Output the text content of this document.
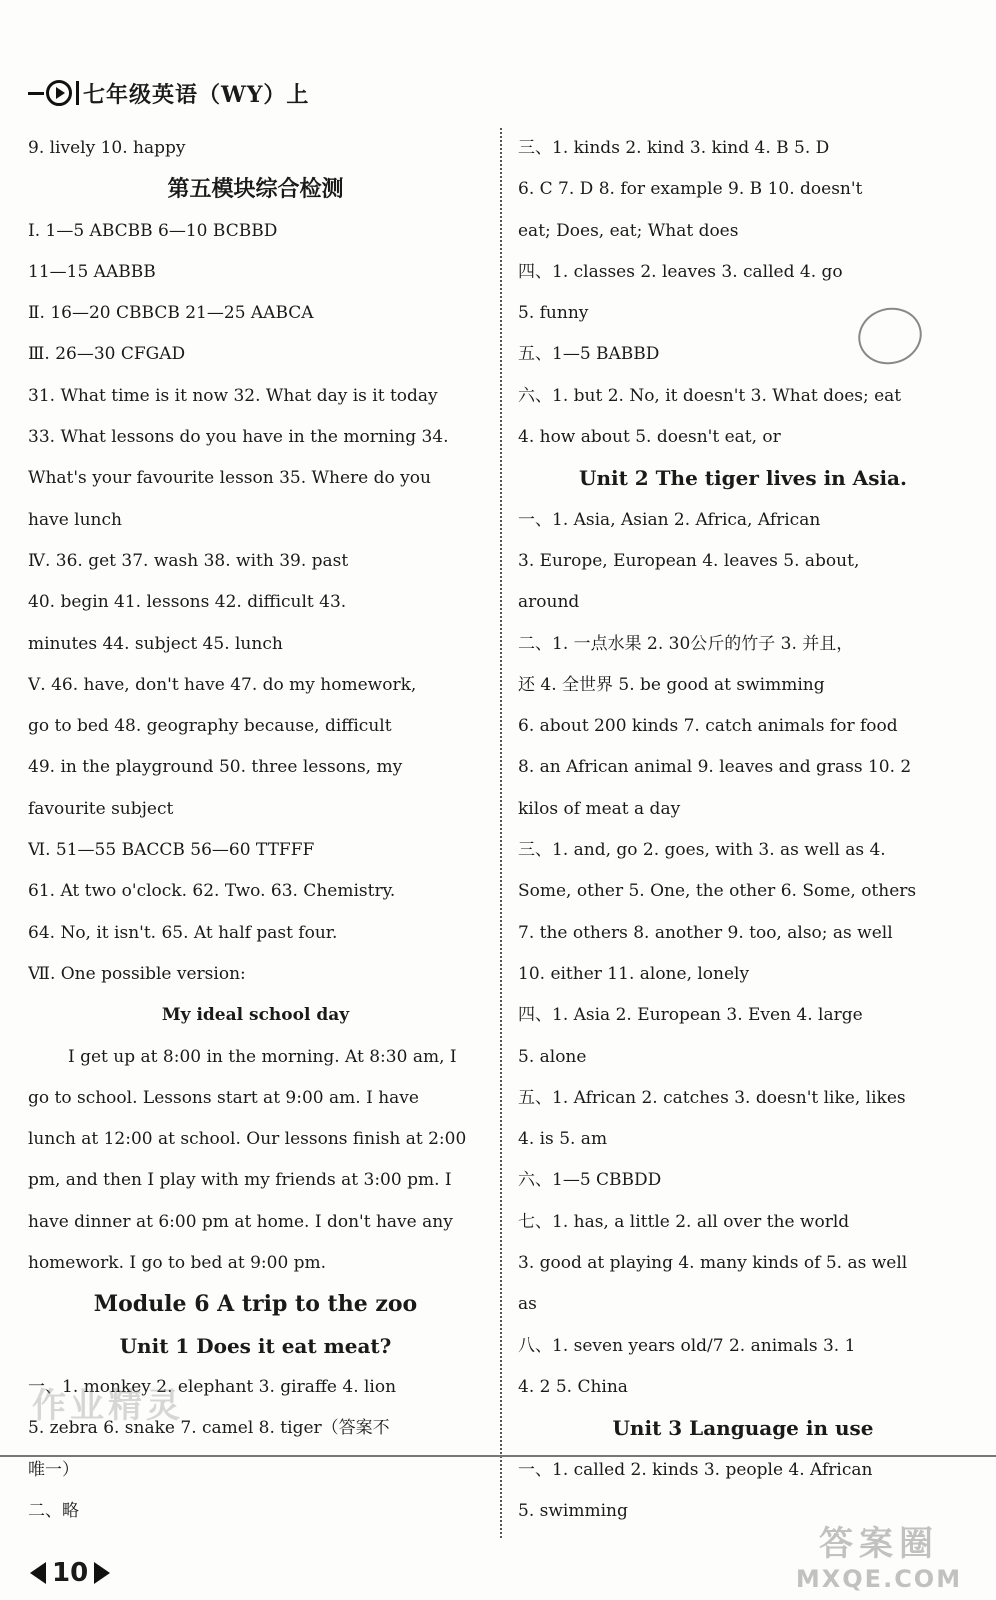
七年级英语（WY）上
9. lively 10. happy
第五模块综合检测
Ⅰ. 1—5 ABCBB 6—10 BCBBD
11—15 AABBB
Ⅱ. 16—20 CBBCB 21—25 AABCA
Ⅲ. 26—30 CFGAD
31. What time is it now 32. What day is it today
33. What lessons do you have in the morning 34.
What's your favourite lesson 35. Where do you
have lunch
Ⅳ. 36. get 37. wash 38. with 39. past
40. begin 41. lessons 42. difficult 43.
minutes 44. subject 45. lunch
Ⅴ. 46. have, don't have 47. do my homework,
go to bed 48. geography because, difficult
49. in the playground 50. three lessons, my
favourite subject
Ⅵ. 51—55 BACCB 56—60 TTFFF
61. At two o'clock. 62. Two. 63. Chemistry.
64. No, it isn't. 65. At half past four.
Ⅶ. One possible version:
My ideal school day
I get up at 8:00 in the morning. At 8:30 am, I
go to school. Lessons start at 9:00 am. I have
lunch at 12:00 at school. Our lessons finish at 2:00
pm, and then I play with my friends at 3:00 pm. I
have dinner at 6:00 pm at home. I don't have any
homework. I go to bed at 9:00 pm.
Module 6 A trip to the zoo
Unit 1 Does it eat meat?
一、1. monkey 2. elephant 3. giraffe 4. lion
5. zebra 6. snake 7. camel 8. tiger（答案不
唯一）
二、略
三、1. kinds 2. kind 3. kind 4. B 5. D
6. C 7. D 8. for example 9. B 10. doesn't
eat; Does, eat; What does
四、1. classes 2. leaves 3. called 4. go
5. funny
五、1—5 BABBD
六、1. but 2. No, it doesn't 3. What does; eat
4. how about 5. doesn't eat, or
Unit 2 The tiger lives in Asia.
一、1. Asia, Asian 2. Africa, African
3. Europe, European 4. leaves 5. about,
around
二、1. 一点水果 2. 30公斤的竹子 3. 并且，
还 4. 全世界 5. be good at swimming
6. about 200 kinds 7. catch animals for food
8. an African animal 9. leaves and grass 10. 2
kilos of meat a day
三、1. and, go 2. goes, with 3. as well as 4.
Some, other 5. One, the other 6. Some, others
7. the others 8. another 9. too, also; as well
10. either 11. alone, lonely
四、1. Asia 2. European 3. Even 4. large
5. alone
五、1. African 2. catches 3. doesn't like, likes
4. is 5. am
六、1—5 CBBDD
七、1. has, a little 2. all over the world
3. good at playing 4. many kinds of 5. as well
as
八、1. seven years old/7 2. animals 3. 1
4. 2 5. China
Unit 3 Language in use
一、1. called 2. kinds 3. people 4. African
5. swimming
10
作业精灵
答案圈
MXQE.COM
